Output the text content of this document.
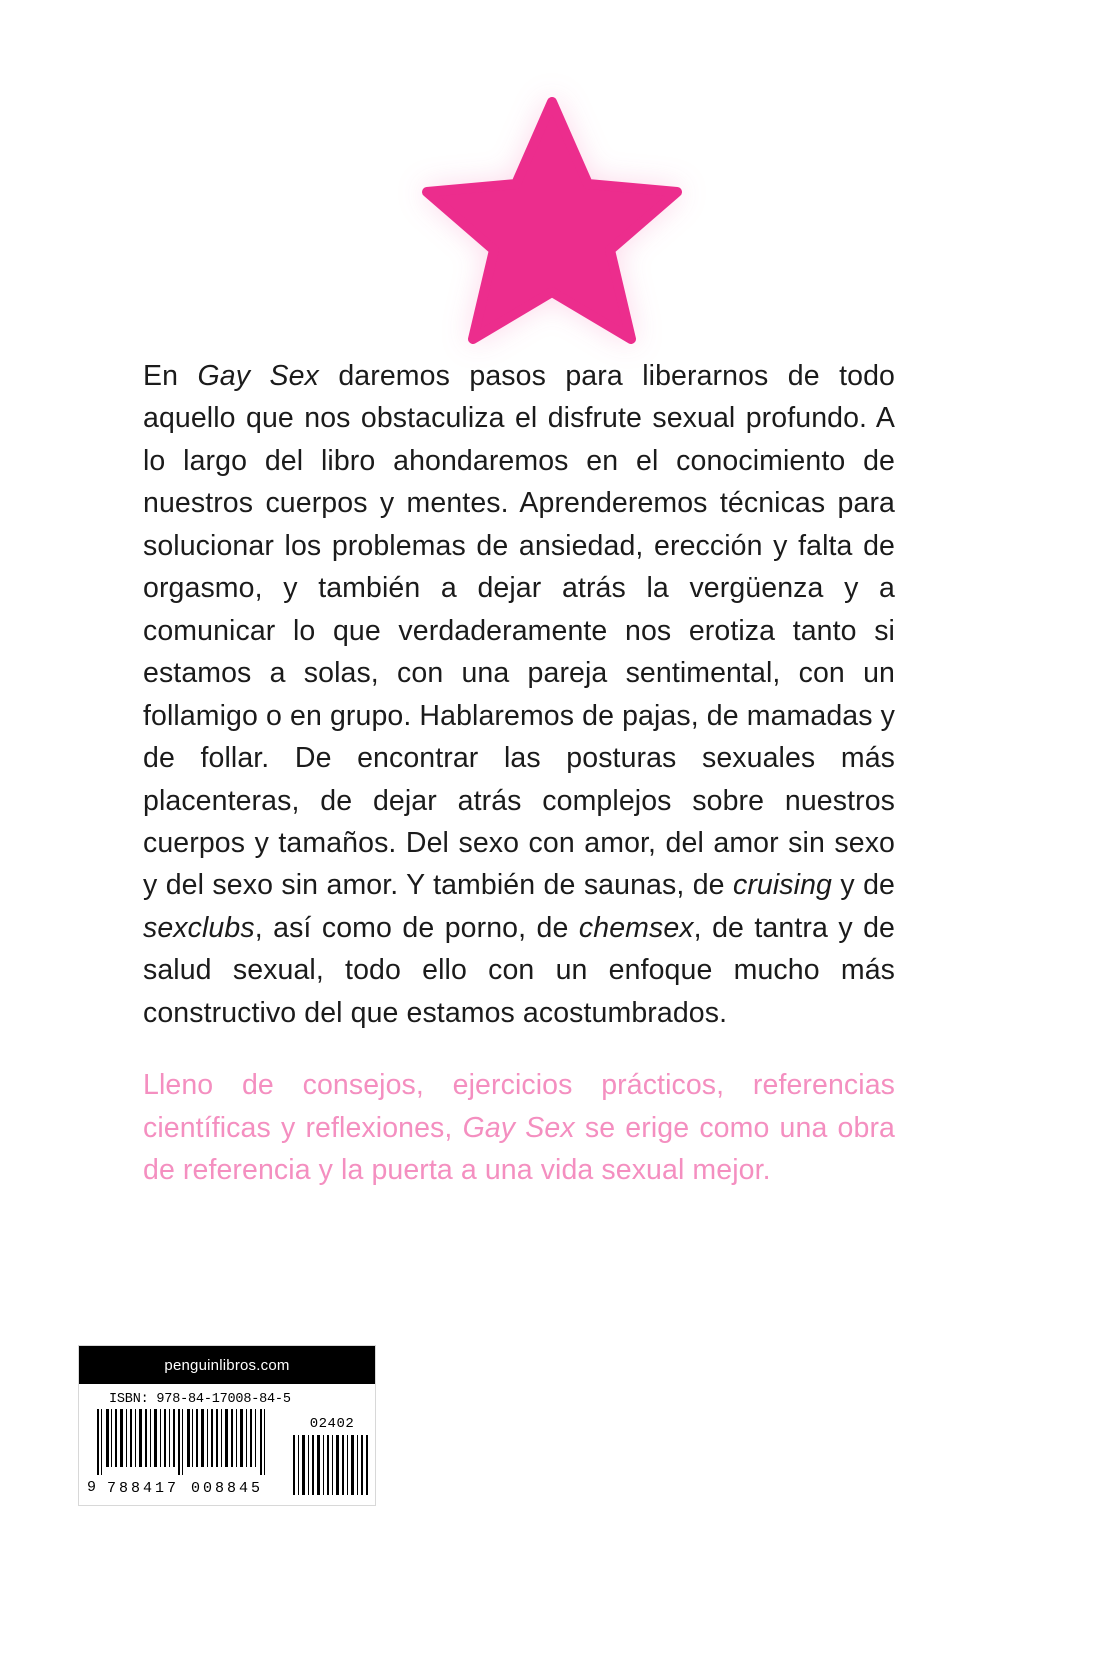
En Gay Sex daremos pasos para liberarnos de todo aquello que nos obstaculiza el disfrute sexual profundo. A lo largo del libro ahondaremos en el conocimiento de nuestros cuerpos y mentes. Aprenderemos técnicas para solucionar los problemas de ansiedad, erección y falta de orgasmo, y también a dejar atrás la vergüenza y a comunicar lo que verdaderamente nos erotiza tanto si estamos a solas, con una pareja sentimental, con un follamigo o en grupo. Hablaremos de pajas, de mamadas y de follar. De encontrar las posturas sexuales más placenteras, de dejar atrás complejos sobre nuestros cuerpos y tamaños. Del sexo con amor, del amor sin sexo y del sexo sin amor. Y también de saunas, de cruising y de sexclubs, así como de porno, de chemsex, de tantra y de salud sexual, todo ello con un enfoque mucho más constructivo del que estamos acostumbrados.

Lleno de consejos, ejercicios prácticos, referencias científicas y reflexiones, Gay Sex se erige como una obra de referencia y la puerta a una vida sexual mejor.

penguinlibros.com
ISBN: 978-84-17008-84-5
9 788417 008845
02402
